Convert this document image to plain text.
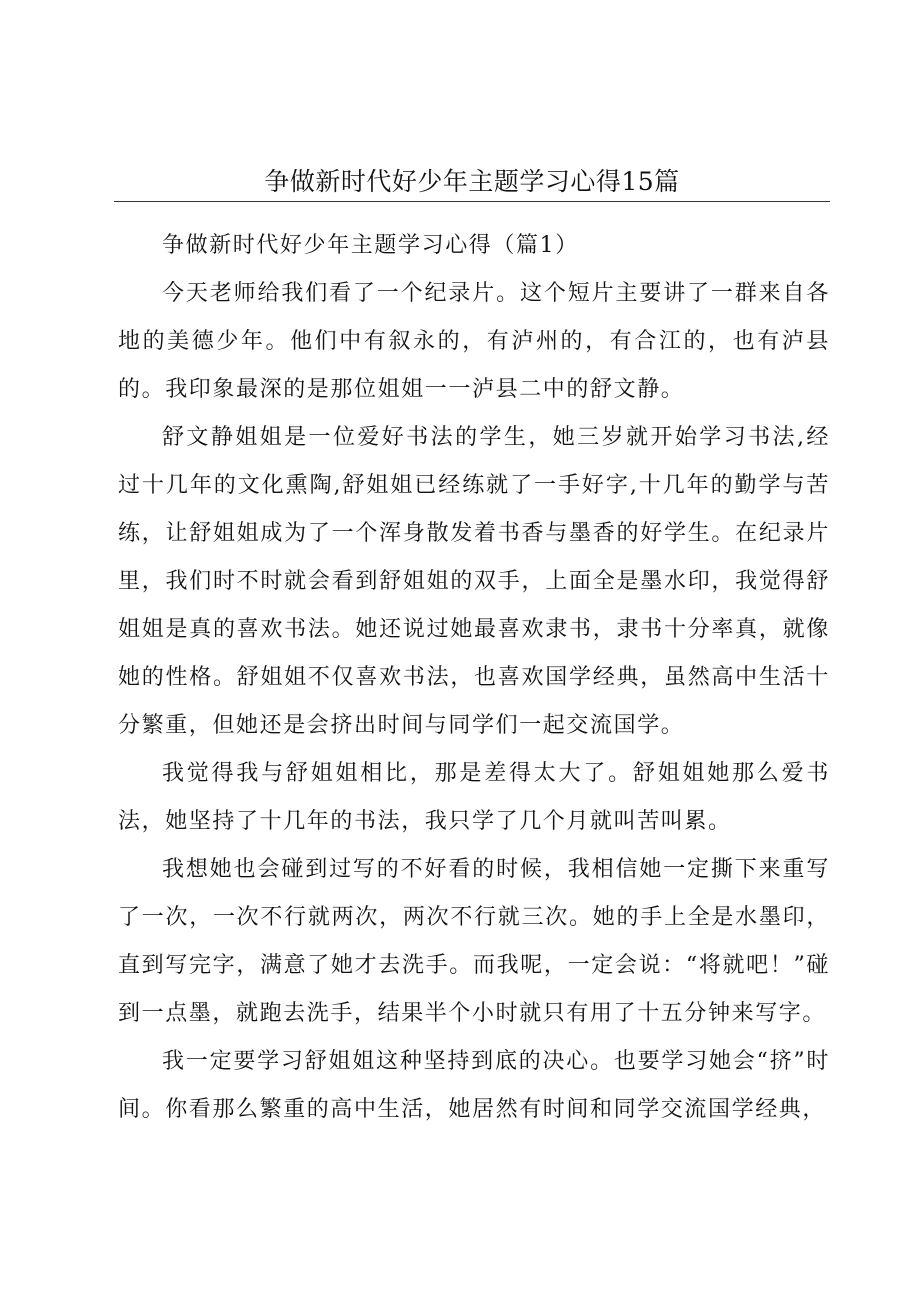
争做新时代好少年主题学习心得15篇

争做新时代好少年主题学习心得（篇1）

今天老师给我们看了一个纪录片。这个短片主要讲了一群来自各地的美德少年。他们中有叙永的，有泸州的，有合江的，也有泸县的。我印象最深的是那位姐姐一一泸县二中的舒文静。

舒文静姐姐是一位爱好书法的学生，她三岁就开始学习书法,经过十几年的文化熏陶,舒姐姐已经练就了一手好字,十几年的勤学与苦练，让舒姐姐成为了一个浑身散发着书香与墨香的好学生。在纪录片里，我们时不时就会看到舒姐姐的双手，上面全是墨水印，我觉得舒姐姐是真的喜欢书法。她还说过她最喜欢隶书，隶书十分率真，就像她的性格。舒姐姐不仅喜欢书法，也喜欢国学经典，虽然高中生活十分繁重，但她还是会挤出时间与同学们一起交流国学。

我觉得我与舒姐姐相比，那是差得太大了。舒姐姐她那么爱书法，她坚持了十几年的书法，我只学了几个月就叫苦叫累。

我想她也会碰到过写的不好看的时候，我相信她一定撕下来重写了一次，一次不行就两次，两次不行就三次。她的手上全是水墨印，直到写完字，满意了她才去洗手。而我呢，一定会说：“将就吧！”碰到一点墨，就跑去洗手，结果半个小时就只有用了十五分钟来写字。

我一定要学习舒姐姐这种坚持到底的决心。也要学习她会“挤”时间。你看那么繁重的高中生活，她居然有时间和同学交流国学经典，
